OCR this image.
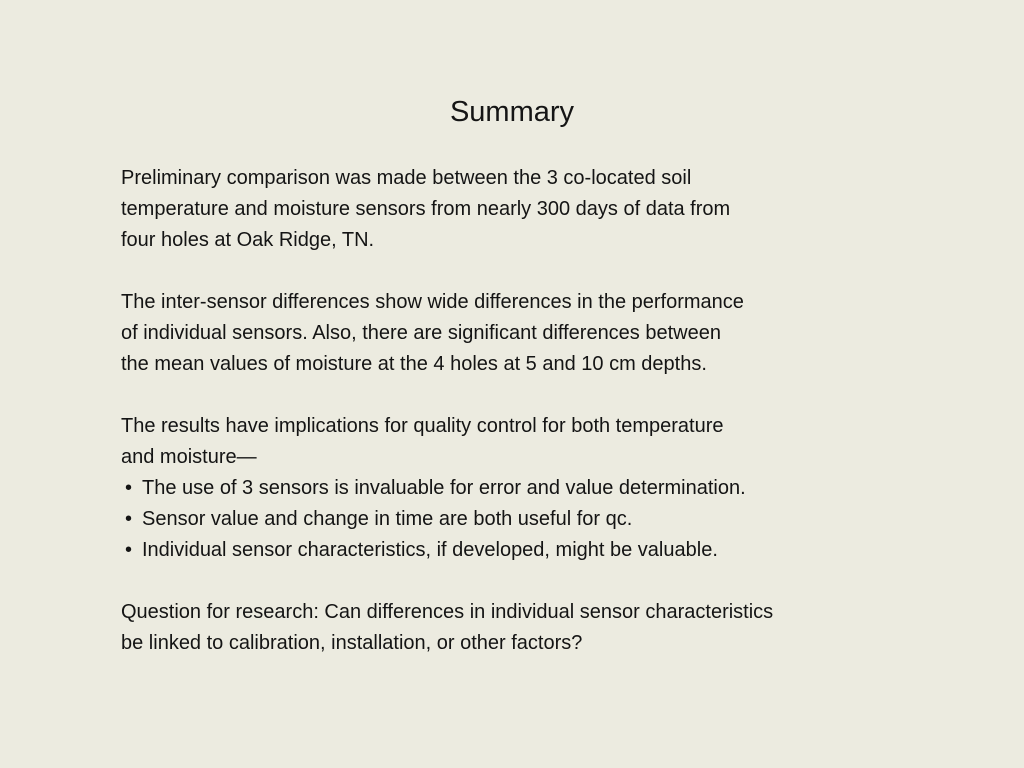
Summary

Preliminary comparison was made between the 3 co-located soil
temperature and moisture sensors from nearly 300 days of data from
four holes at Oak Ridge, TN.

The inter-sensor differences show wide differences in the performance
of individual sensors. Also, there are significant differences between
the mean values of moisture at the 4 holes at 5 and 10 cm depths.

The results have implications for quality control for both temperature
and moisture—
• The use of 3 sensors is invaluable for error and value determination.
• Sensor value and change in time are both useful for qc.
• Individual sensor characteristics, if developed, might be valuable.

Question for research: Can differences in individual sensor characteristics
be linked to calibration, installation, or other factors?
